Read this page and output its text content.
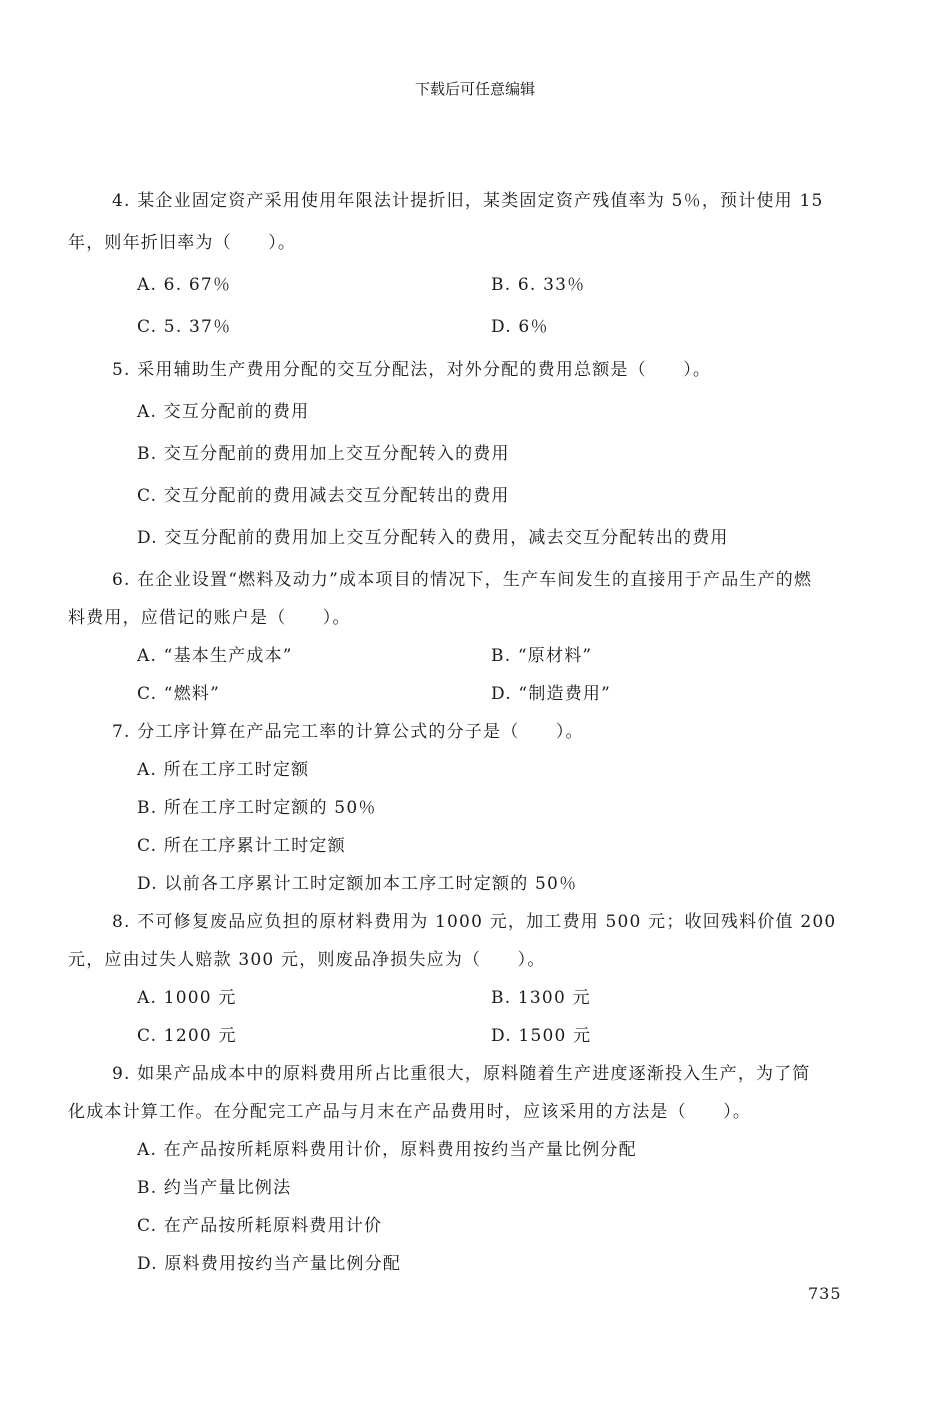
下载后可任意编辑
4. 某企业固定资产采用使用年限法计提折旧，某类固定资产残值率为 5％，预计使用 15
年，则年折旧率为（　　）。
A. 6. 67％	B. 6. 33％
C. 5. 37％	D. 6％
5. 采用辅助生产费用分配的交互分配法，对外分配的费用总额是（　　）。
A. 交互分配前的费用
B. 交互分配前的费用加上交互分配转入的费用
C. 交互分配前的费用减去交互分配转出的费用
D. 交互分配前的费用加上交互分配转入的费用，减去交互分配转出的费用
6. 在企业设置“燃料及动力”成本项目的情况下，生产车间发生的直接用于产品生产的燃
料费用，应借记的账户是（　　）。
A. “基本生产成本”	B. “原材料”
C. “燃料”	D. “制造费用”
7. 分工序计算在产品完工率的计算公式的分子是（　　）。
A. 所在工序工时定额
B. 所在工序工时定额的 50％
C. 所在工序累计工时定额
D. 以前各工序累计工时定额加本工序工时定额的 50％
8. 不可修复废品应负担的原材料费用为 1000 元，加工费用 500 元；收回残料价值 200
元，应由过失人赔款 300 元，则废品净损失应为（　　）。
A. 1000 元	B. 1300 元
C. 1200 元	D. 1500 元
9. 如果产品成本中的原料费用所占比重很大，原料随着生产进度逐渐投入生产，为了简
化成本计算工作。在分配完工产品与月末在产品费用时，应该采用的方法是（　　）。
A. 在产品按所耗原料费用计价，原料费用按约当产量比例分配
B. 约当产量比例法
C. 在产品按所耗原料费用计价
D. 原料费用按约当产量比例分配
735
